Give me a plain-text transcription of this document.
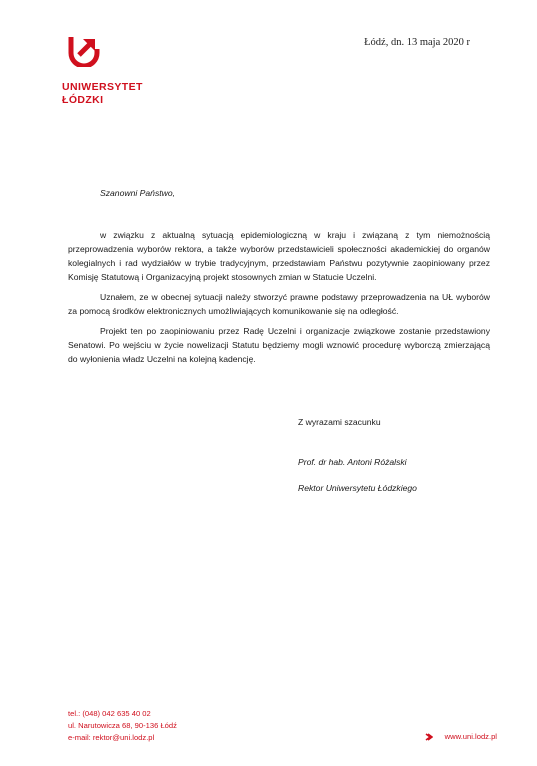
UNIWERSYTET
ŁÓDZKI
Łódź, dn. 13 maja 2020 r
Szanowni Państwo,

w związku z aktualną sytuacją epidemiologiczną w kraju i związaną z tym niemożnością przeprowadzenia wyborów rektora, a także wyborów przedstawicieli społeczności akademickiej do organów kolegialnych i rad wydziałów w trybie tradycyjnym, przedstawiam Państwu pozytywnie zaopiniowany przez Komisję Statutową i Organizacyjną projekt stosownych zmian w Statucie Uczelni.

Uznałem, ze w obecnej sytuacji należy stworzyć prawne podstawy przeprowadzenia na UŁ wyborów za pomocą środków elektronicznych umożliwiających komunikowanie się na odległość.

Projekt ten po zaopiniowaniu przez Radę Uczelni i organizacje związkowe zostanie przedstawiony Senatowi. Po wejściu w życie nowelizacji Statutu będziemy mogli wznowić procedurę wyborczą zmierzającą do wyłonienia władz Uczelni na kolejną kadencję.

Z wyrazami szacunku
Prof. dr hab. Antoni Różalski
Rektor Uniwersytetu Łódzkiego
tel.: (048) 042 635 40 02
ul. Narutowicza 68, 90-136 Łódź
e-mail: rektor@uni.lodz.pl	www.uni.lodz.pl
